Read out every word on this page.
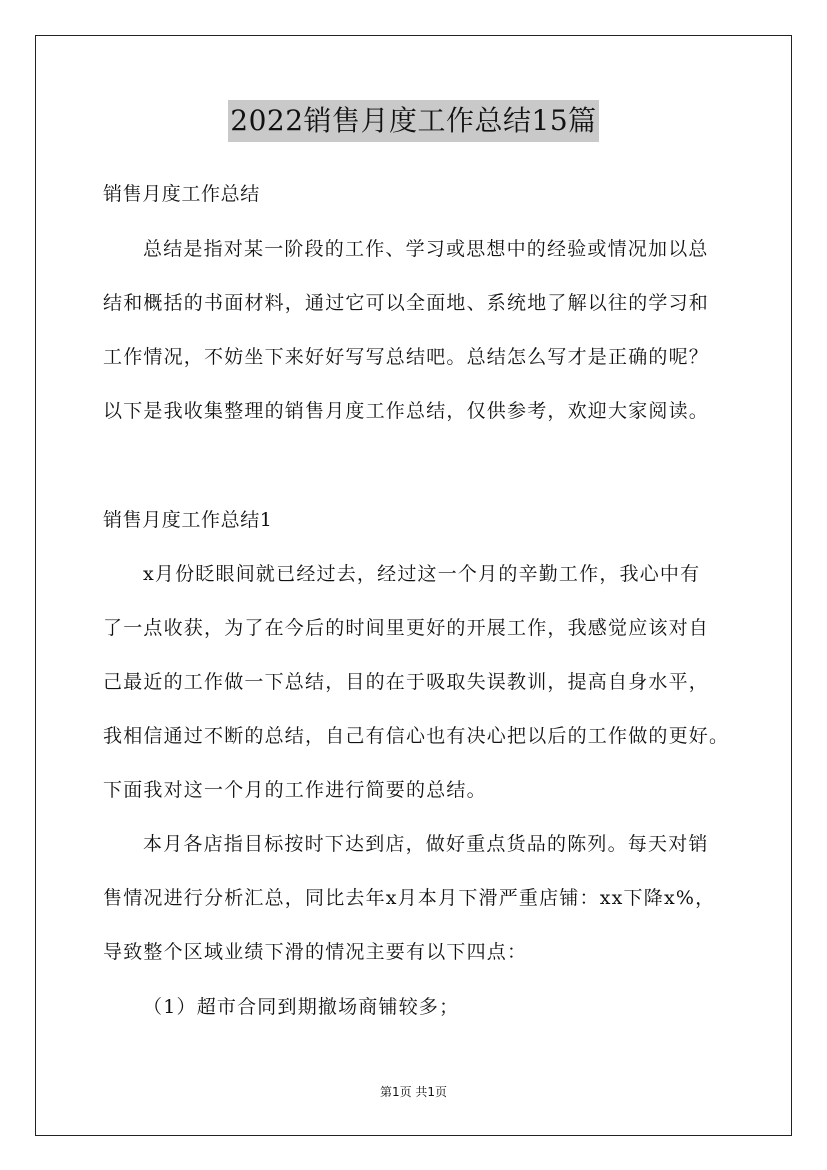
2022销售月度工作总结15篇
销售月度工作总结
总结是指对某一阶段的工作、学习或思想中的经验或情况加以总
结和概括的书面材料，通过它可以全面地、系统地了解以往的学习和
工作情况，不妨坐下来好好写写总结吧。总结怎么写才是正确的呢？
以下是我收集整理的销售月度工作总结，仅供参考，欢迎大家阅读。
销售月度工作总结1
x月份眨眼间就已经过去，经过这一个月的辛勤工作，我心中有
了一点收获，为了在今后的时间里更好的开展工作，我感觉应该对自
己最近的工作做一下总结，目的在于吸取失误教训，提高自身水平，
我相信通过不断的总结，自己有信心也有决心把以后的工作做的更好。
下面我对这一个月的工作进行简要的总结。
本月各店指目标按时下达到店，做好重点货品的陈列。每天对销
售情况进行分析汇总，同比去年x月本月下滑严重店铺：xx下降x%，
导致整个区域业绩下滑的情况主要有以下四点：
（1）超市合同到期撤场商铺较多；
第1页 共1页
